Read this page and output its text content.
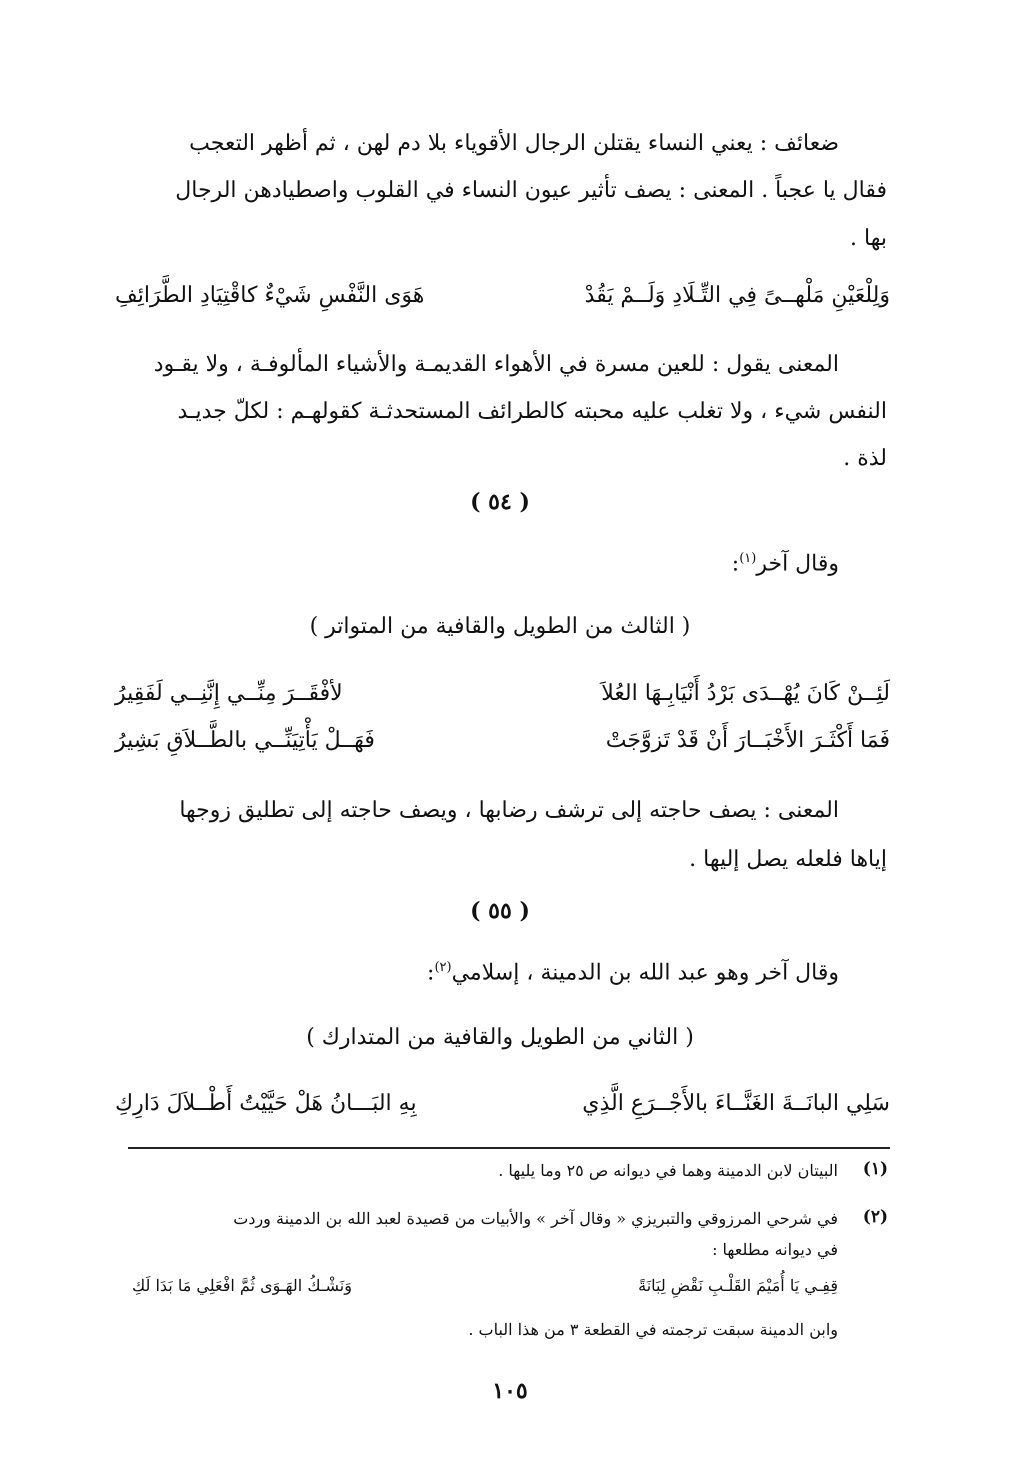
ضعائف : يعني النساء يقتلن الرجال الأقوياء بلا دم لهن ، ثم أظهر التعجب
فقال يا عجباً . المعنى : يصف تأثير عيون النساء في القلوب واصطيادهن الرجال
بها .
وَلِلْعَيْنِ مَلْهــىً فِي التِّـلَادِ وَلَــمْ يَقُدْ
هَوَى النَّفْسِ شَيْءٌ كاقْتِيَادِ الطَّرَائِفِ
المعنى يقول : للعين مسرة في الأهواء القديمـة والأشياء المألوفـة ، ولا يقـود
النفس شيء ، ولا تغلب عليه محبته كالطرائف المستحدثـة كقولهـم : لكلّ جديـد
لذة .
( ٥٤ )
وقال آخر$^{(١)}$:
( الثالث من الطويل والقافية من المتواتر )
لَئِــنْ كَانَ يُهْــدَى بَرْدُ أَنْيَابِـهَا العُلاَ
لأفْقَــرَ مِنِّــي إِنَّنِــي لَفَقِيرُ
فَمَا أَكْثَـرَ الأَخْبَــارَ أَنْ قَدْ تَزوَّجَتْ
فَهَــلْ يَأْتِيَنِّــي بالطَّــلاَقِ بَشِيرُ
المعنى : يصف حاجته إلى ترشف رضابها ، ويصف حاجته إلى تطليق زوجها
إياها فلعله يصل إليها .
( ٥٥ )
وقال آخر وهو عبد الله بن الدمينة ، إسلامي$^{(٢)}$:
( الثاني من الطويل والقافية من المتدارك )
سَلِي البانَــةَ الغَنَّــاءَ بالأَجْــرَعِ الَّذِي
بِهِ البَـــانُ هَلْ حَيَّيْتُ أَطْــلاَلَ دَارِكِ
(١)
البيتان لابن الدمينة وهما في ديوانه ص ٢٥ وما يليها .
(٢)
في شرحي المرزوقي والتبريزي « وقال آخر » والأبيات من قصيدة لعبد الله بن الدمينة وردت
في ديوانه مطلعها :
قِفِـي يَا أُمَيْمَ القَلْـبِ نَقْضِ لِبَانَةً
وَنَشْـكُ الهَـوَى ثُمَّ افْعَلِي مَا بَدَا لَكِ
وابن الدمينة سبقت ترجمته في القطعة ٣ من هذا الباب .
١٠٥
